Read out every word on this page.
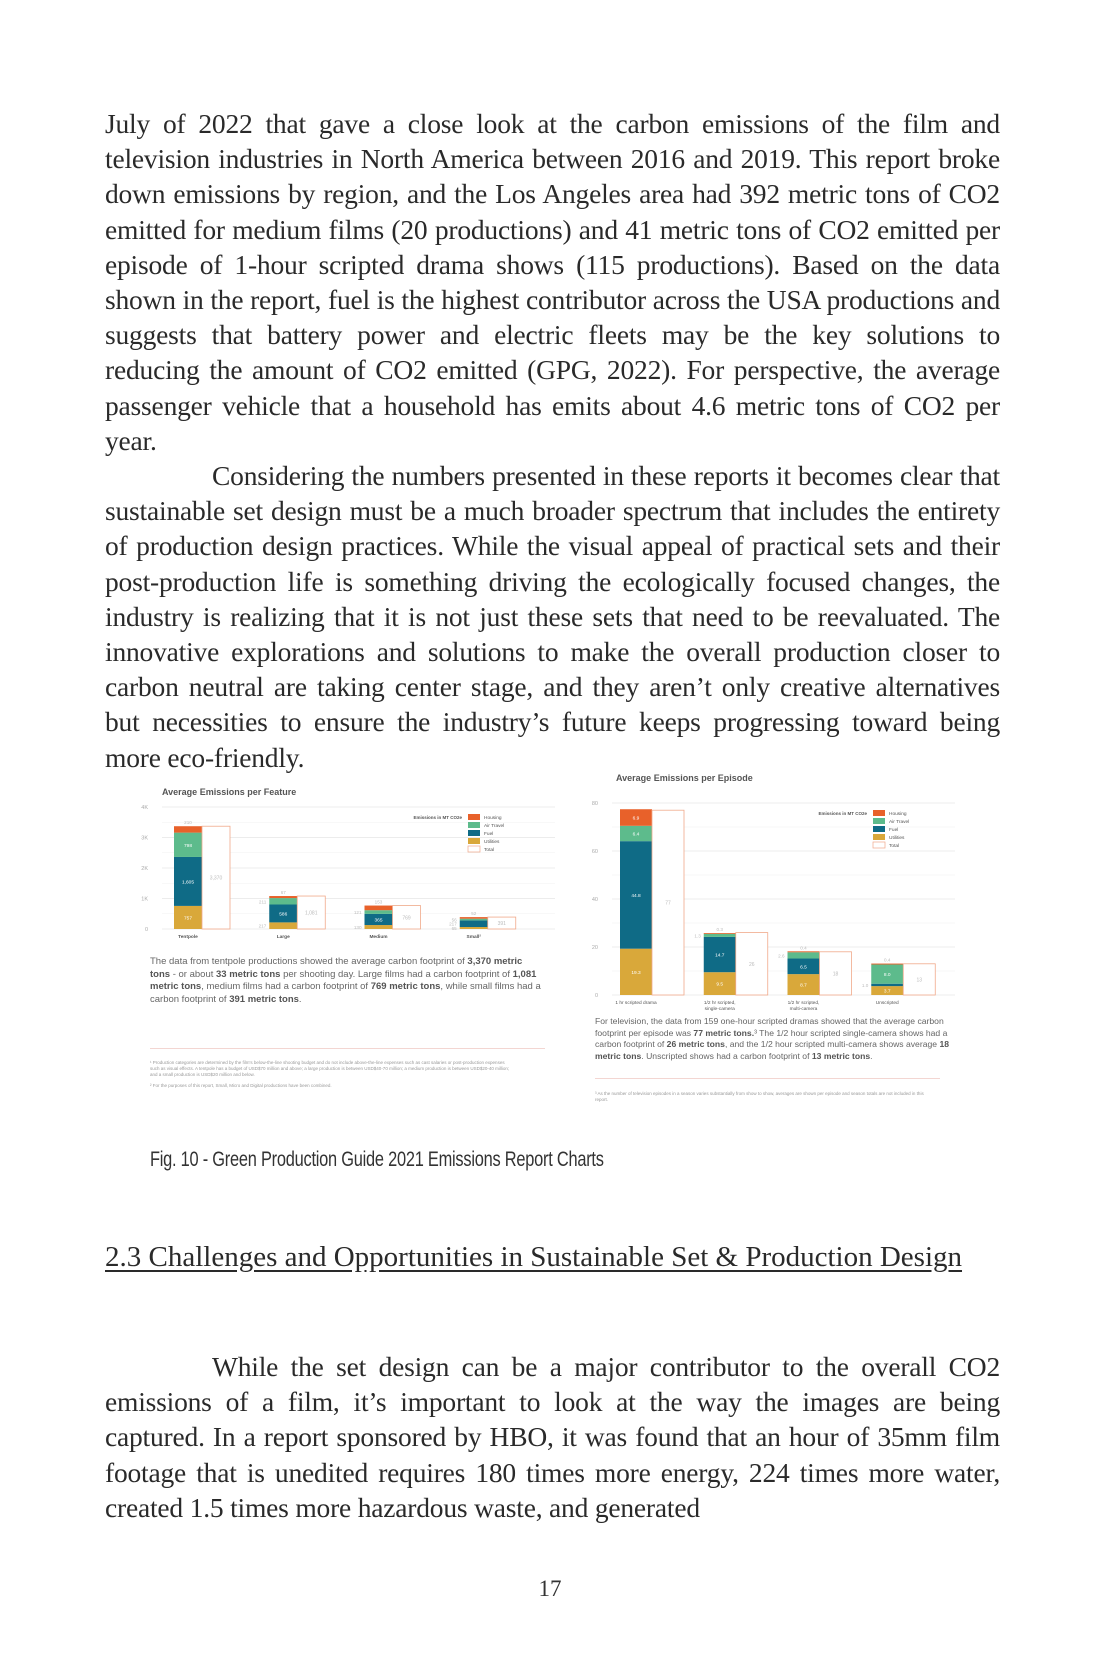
July of 2022 that gave a close look at the carbon emissions of the film and television industries in North America between 2016 and 2019. This report broke down emissions by region, and the Los Angeles area had 392 metric tons of CO2 emitted for medium films (20 productions) and 41 metric tons of CO2 emitted per episode of 1-hour scripted drama shows (115 productions). Based on the data shown in the report, fuel is the highest contributor across the USA productions and suggests that battery power and electric fleets may be the key solutions to reducing the amount of CO2 emitted (GPG, 2022). For perspective, the average passenger vehicle that a household has emits about 4.6 metric tons of CO2 per year.

Considering the numbers presented in these reports it becomes clear that sustainable set design must be a much broader spectrum that includes the entirety of production design practices. While the visual appeal of practical sets and their post-production life is something driving the ecologically focused changes, the industry is realizing that it is not just these sets that need to be reevaluated. The innovative explorations and solutions to make the overall production closer to carbon neutral are taking center stage, and they aren’t only creative alternatives but necessities to ensure the industry’s future keeps progressing toward being more eco-friendly.

Average Emissions per Feature
0
1K
2K
3K
4K
Emissions in MT CO2e	Housing
Air Travel
Fuel
Utilities
Total
757
1,605
798
210
3,370
Tentpole
217
586
211
67
1,081
Large
130
365
121
153
769
Medium
65
217
56
52
391
Small²
The data from tentpole productions showed the average carbon footprint of 3,370 metric tons - or about 33 metric tons per shooting day. Large films had a carbon footprint of 1,081 metric tons, medium films had a carbon footprint of 769 metric tons, while small films had a carbon footprint of 391 metric tons.
¹ Production categories are determined by the film's below-the-line shooting budget and do not include above-the-line expenses such as cast salaries or post-production expenses such as visual effects. A tentpole has a budget of USD$70 million and above; a large production is between USD$40-70 million; a medium production is between USD$20-40 million; and a small production is USD$20 million and below.
² For the purposes of this report, Small, Micro and Digital productions have been combined.
Average Emissions per Episode
0
20
40
60
80
Emissions in MT CO2e	Housing
Air Travel
Fuel
Utilities
Total
19.3
44.8
6.4
6.9
77
1 hr scripted drama
9.5
14.7
1.3
0.3
26
1/2 hr scripted,
single-camera
8.7
6.5
2.6
0.4
18
1/2 hr scripted,
multi-camera
3.7
1.0
8.0
0.4
13
Unscripted
For television, the data from 159 one-hour scripted dramas showed that the average carbon footprint per episode was 77 metric tons.³ The 1/2 hour scripted single-camera shows had a carbon footprint of 26 metric tons, and the 1/2 hour scripted multi-camera shows average 18 metric tons. Unscripted shows had a carbon footprint of 13 metric tons.
³ As the number of television episodes in a season varies substantially from show to show, averages are shown per episode and season totals are not included in this report.
Fig. 10 - Green Production Guide 2021 Emissions Report Charts
2.3 Challenges and Opportunities in Sustainable Set & Production Design

While the set design can be a major contributor to the overall CO2 emissions of a film, it’s important to look at the way the images are being captured. In a report sponsored by HBO, it was found that an hour of 35mm film footage that is unedited requires 180 times more energy, 224 times more water, created 1.5 times more hazardous waste, and generated

17
